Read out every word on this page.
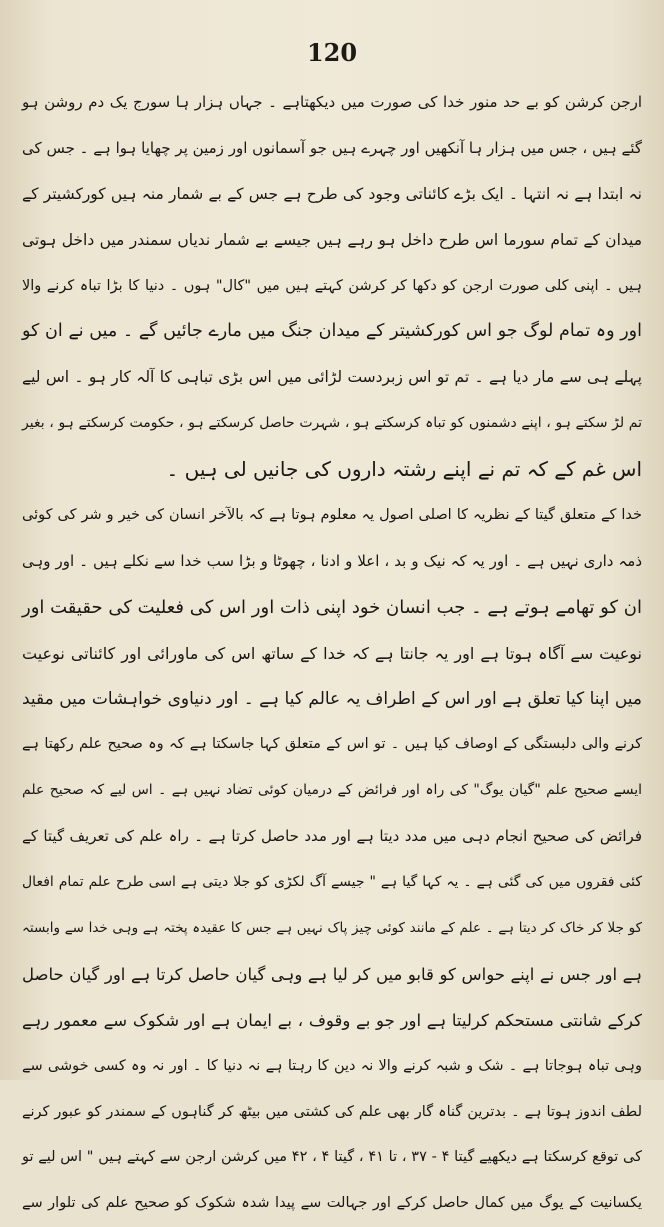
120
ارجن کرشن کو بے حد منور خدا کی صورت میں دیکھتاہے ۔ جہاں ہزار ہا سورج یک دم روشن ہو
گئے ہیں ، جس میں ہزار ہا آنکھیں اور چہرے ہیں جو آسمانوں اور زمین پر چھایا ہوا ہے ۔ جس کی
نہ ابتدا ہے نہ انتہا ۔ ایک بڑے کائناتی وجود کی طرح ہے جس کے بے شمار منہ ہیں کورکشیتر کے
میدان کے تمام سورما اس طرح داخل ہو رہے ہیں جیسے بے شمار ندیاں سمندر میں داخل ہوتی
ہیں ۔ اپنی کلی صورت ارجن کو دکھا کر کرشن کہتے ہیں میں "کال" ہوں ۔ دنیا کا بڑا تباہ کرنے والا
اور وہ تمام لوگ جو اس کورکشیتر کے میدان جنگ میں مارے جائیں گے ۔ میں نے ان کو
پہلے ہی سے مار دیا ہے ۔ تم تو اس زبردست لڑائی میں اس بڑی تباہی کا آلہ کار ہو ۔ اس لیے
تم لڑ سکتے ہو ، اپنے دشمنوں کو تباہ کرسکتے ہو ، شہرت حاصل کرسکتے ہو ، حکومت کرسکتے ہو ، بغیر
اس غم کے کہ تم نے اپنے رشتہ داروں کی جانیں لی ہیں ۔
خدا کے متعلق گیتا کے نظریہ کا اصلی اصول یہ معلوم ہوتا ہے کہ بالآخر انسان کی خیر و شر کی کوئی
ذمہ داری نہیں ہے ۔ اور یہ کہ نیک و بد ، اعلا و ادنا ، چھوٹا و بڑا سب خدا سے نکلے ہیں ۔ اور وہی
ان کو تھامے ہوتے ہے ۔ جب انسان خود اپنی ذات اور اس کی فعلیت کی حقیقت اور
نوعیت سے آگاہ ہوتا ہے اور یہ جانتا ہے کہ خدا کے ساتھ اس کی ماورائی اور کائناتی نوعیت
میں اپنا کیا تعلق ہے اور اس کے اطراف یہ عالم کیا ہے ۔ اور دنیاوی خواہشات میں مقید
کرنے والی دلبستگی کے اوصاف کیا ہیں ۔ تو اس کے متعلق کہا جاسکتا ہے کہ وہ صحیح علم رکھتا ہے
ایسے صحیح علم "گیان یوگ" کی راہ اور فرائض کے درمیان کوئی تضاد نہیں ہے ۔ اس لیے کہ صحیح علم
فرائض کی صحیح انجام دہی میں مدد دیتا ہے اور مدد حاصل کرتا ہے ۔ راہ علم کی تعریف گیتا کے
کئی فقروں میں کی گئی ہے ۔ یہ کہا گیا ہے " جیسے آگ لکڑی کو جلا دیتی ہے اسی طرح علم تمام افعال
کو جلا کر خاک کر دیتا ہے ۔ علم کے مانند کوئی چیز پاک نہیں ہے جس کا عقیدہ پختہ ہے وہی خدا سے وابستہ
ہے اور جس نے اپنے حواس کو قابو میں کر لیا ہے وہی گیان حاصل کرتا ہے اور گیان حاصل
کرکے شانتی مستحکم کرلیتا ہے اور جو بے وقوف ، بے ایمان ہے اور شکوک سے معمور رہے
وہی تباہ ہوجاتا ہے ۔ شک و شبہ کرنے والا نہ دین کا رہتا ہے نہ دنیا کا ۔ اور نہ وہ کسی خوشی سے
لطف اندوز ہوتا ہے ۔ بدترین گناہ گار بھی علم کی کشتی میں بیٹھ کر گناہوں کے سمندر کو عبور کرنے
کی توقع کرسکتا ہے دیکھیے گیتا ۴ - ۳۷ ، تا ۴۱ ، گیتا ۴ ، ۴۲ میں کرشن ارجن سے کہتے ہیں " اس لیے تو
یکسانیت کے یوگ میں کمال حاصل کرکے اور جہالت سے پیدا شدہ شکوک کو صحیح علم کی تلوار سے
